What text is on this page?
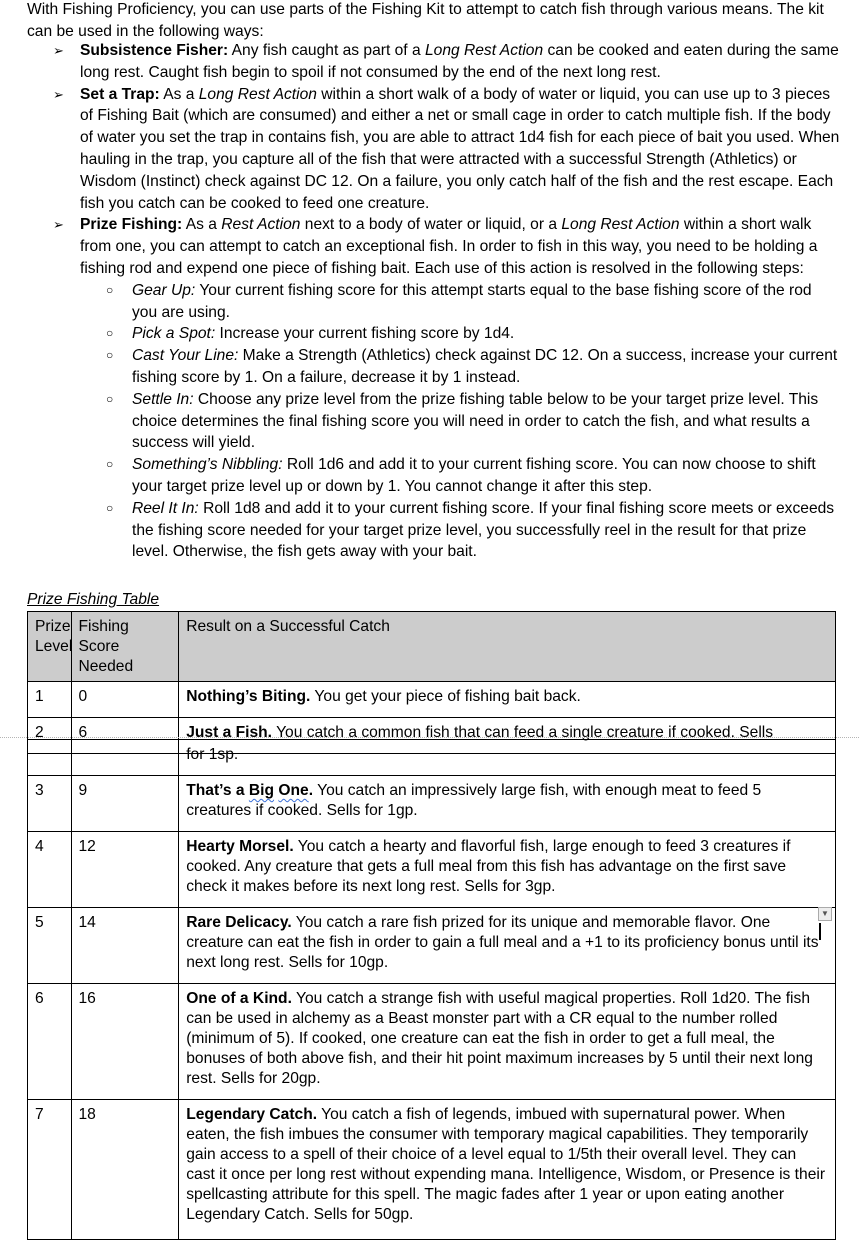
With Fishing Proficiency, you can use parts of the Fishing Kit to attempt to catch fish through various means. The kit can be used in the following ways:
➢ Subsistence Fisher: Any fish caught as part of a Long Rest Action can be cooked and eaten during the same long rest. Caught fish begin to spoil if not consumed by the end of the next long rest.
➢ Set a Trap: As a Long Rest Action within a short walk of a body of water or liquid, you can use up to 3 pieces of Fishing Bait (which are consumed) and either a net or small cage in order to catch multiple fish. If the body of water you set the trap in contains fish, you are able to attract 1d4 fish for each piece of bait you used. When hauling in the trap, you capture all of the fish that were attracted with a successful Strength (Athletics) or Wisdom (Instinct) check against DC 12. On a failure, you only catch half of the fish and the rest escape. Each fish you catch can be cooked to feed one creature.
➢ Prize Fishing: As a Rest Action next to a body of water or liquid, or a Long Rest Action within a short walk from one, you can attempt to catch an exceptional fish. In order to fish in this way, you need to be holding a fishing rod and expend one piece of fishing bait. Each use of this action is resolved in the following steps:
○ Gear Up: Your current fishing score for this attempt starts equal to the base fishing score of the rod you are using.
○ Pick a Spot: Increase your current fishing score by 1d4.
○ Cast Your Line: Make a Strength (Athletics) check against DC 12. On a success, increase your current fishing score by 1. On a failure, decrease it by 1 instead.
○ Settle In: Choose any prize level from the prize fishing table below to be your target prize level. This choice determines the final fishing score you will need in order to catch the fish, and what results a success will yield.
○ Something’s Nibbling: Roll 1d6 and add it to your current fishing score. You can now choose to shift your target prize level up or down by 1. You cannot change it after this step.
○ Reel It In: Roll 1d8 and add it to your current fishing score. If your final fishing score meets or exceeds the fishing score needed for your target prize level, you successfully reel in the result for that prize level. Otherwise, the fish gets away with your bait.
Prize Fishing Table
Prize Level	Fishing Score Needed	Result on a Successful Catch
1	0	Nothing’s Biting. You get your piece of fishing bait back.
2	6	Just a Fish. You catch a common fish that can feed a single creature if cooked. Sells
		for 1sp.
3	9	That’s a Big One. You catch an impressively large fish, with enough meat to feed 5 creatures if cooked. Sells for 1gp.
4	12	Hearty Morsel. You catch a hearty and flavorful fish, large enough to feed 3 creatures if cooked. Any creature that gets a full meal from this fish has advantage on the first save check it makes before its next long rest. Sells for 3gp.
5	14	Rare Delicacy. You catch a rare fish prized for its unique and memorable flavor. One creature can eat the fish in order to gain a full meal and a +1 to its proficiency bonus until its next long rest. Sells for 10gp.
6	16	One of a Kind. You catch a strange fish with useful magical properties. Roll 1d20. The fish can be used in alchemy as a Beast monster part with a CR equal to the number rolled (minimum of 5). If cooked, one creature can eat the fish in order to get a full meal, the bonuses of both above fish, and their hit point maximum increases by 5 until their next long rest. Sells for 20gp.
7	18	Legendary Catch. You catch a fish of legends, imbued with supernatural power. When eaten, the fish imbues the consumer with temporary magical capabilities. They temporarily gain access to a spell of their choice of a level equal to 1/5th their overall level. They can cast it once per long rest without expending mana. Intelligence, Wisdom, or Presence is their spellcasting attribute for this spell. The magic fades after 1 year or upon eating another Legendary Catch. Sells for 50gp.
▼
